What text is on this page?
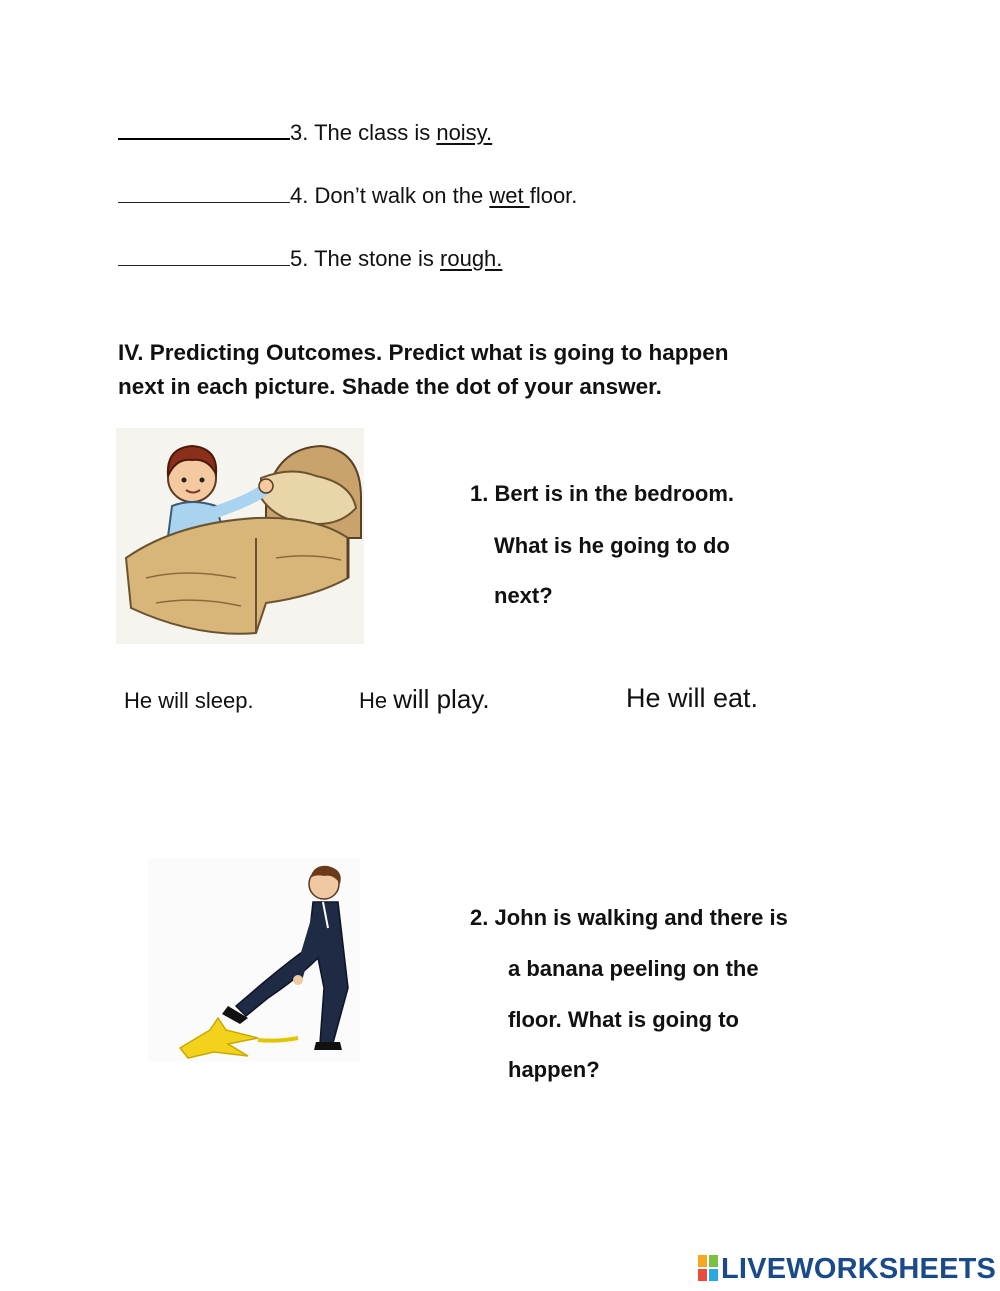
3. The class is noisy.
4. Don’t walk on the wet floor.
5. The stone is rough.
IV. Predicting Outcomes. Predict what is going to happen
next in each picture. Shade the dot of your answer.
1. Bert is in the bedroom.
What is he going to do
next?
He will sleep.	He will play.	He will eat.
2. John is walking and there is
a banana peeling on the
floor. What is going to
happen?
LIVEWORKSHEETS
